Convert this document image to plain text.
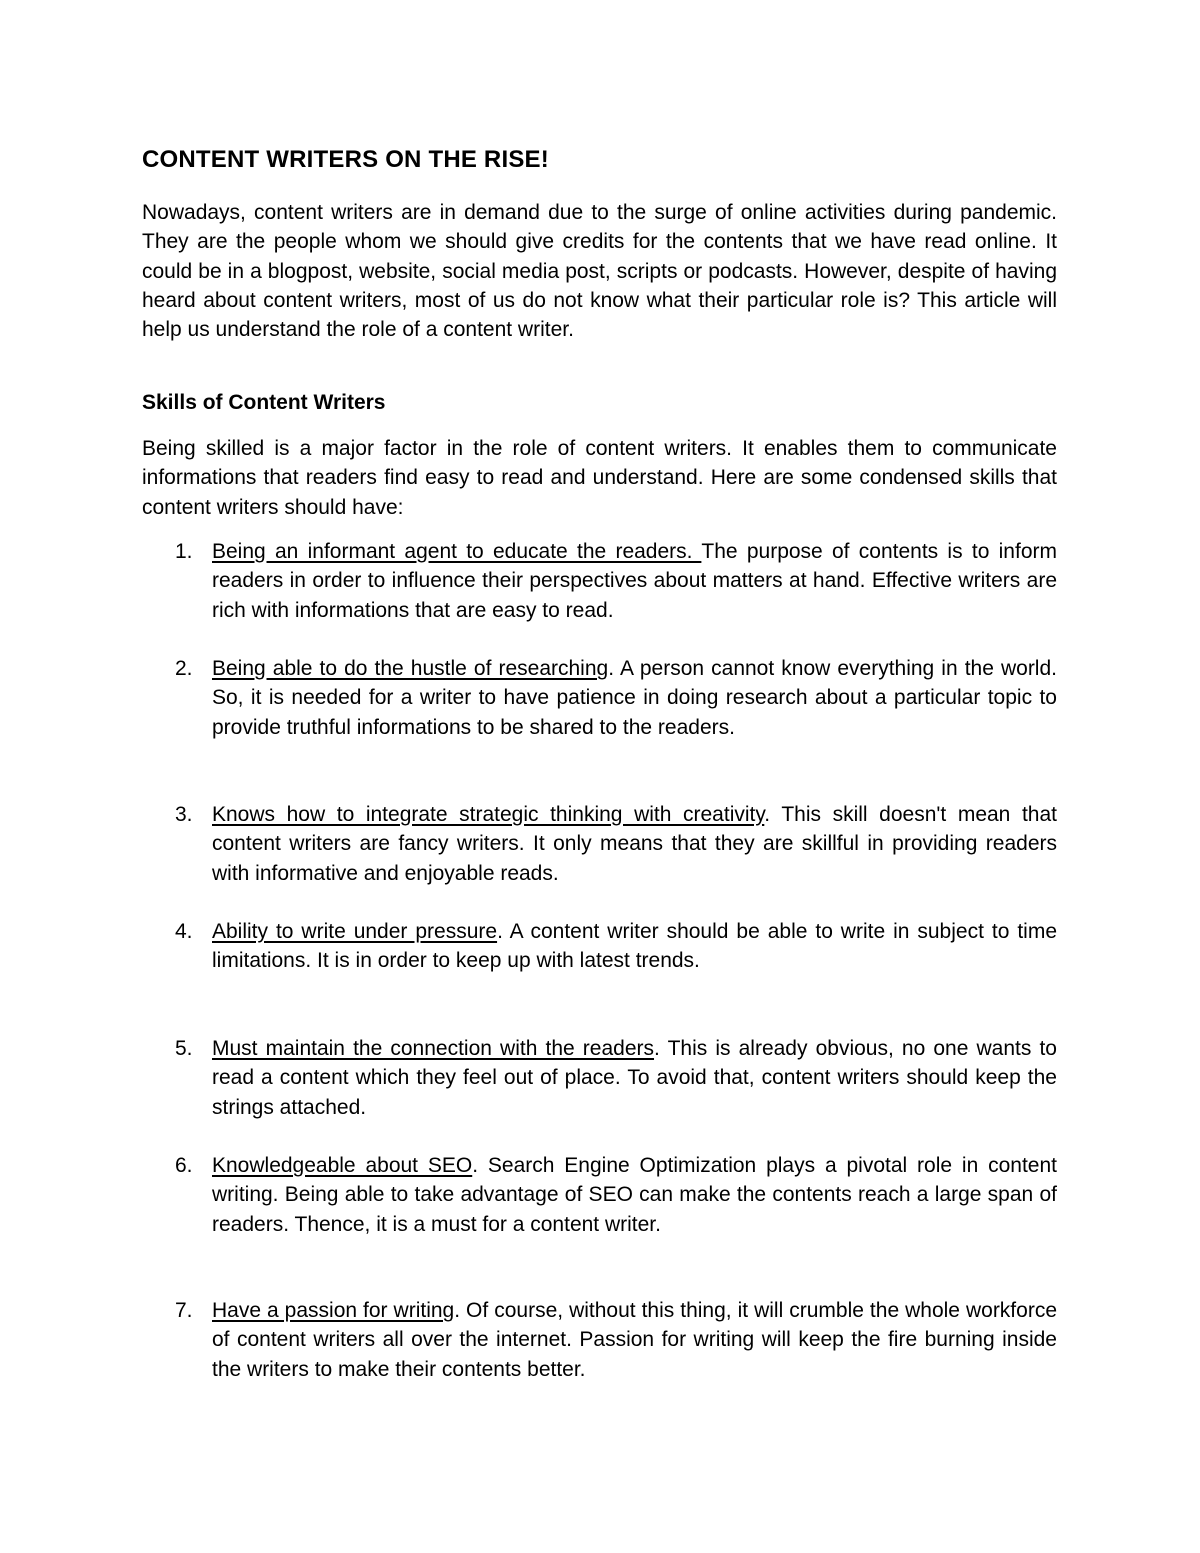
CONTENT WRITERS ON THE RISE!

Nowadays, content writers are in demand due to the surge of online activities during pandemic. They are the people whom we should give credits for the contents that we have read online. It could be in a blogpost, website, social media post, scripts or podcasts. However, despite of having heard about content writers, most of us do not know what their particular role is? This article will help us understand the role of a content writer.

Skills of Content Writers

Being skilled is a major factor in the role of content writers. It enables them to communicate informations that readers find easy to read and understand. Here are some condensed skills that content writers should have:

1. Being an informant agent to educate the readers. The purpose of contents is to inform readers in order to influence their perspectives about matters at hand. Effective writers are rich with informations that are easy to read.
2. Being able to do the hustle of researching. A person cannot know everything in the world. So, it is needed for a writer to have patience in doing research about a particular topic to provide truthful informations to be shared to the readers.
3. Knows how to integrate strategic thinking with creativity. This skill doesn't mean that content writers are fancy writers. It only means that they are skillful in providing readers with informative and enjoyable reads.
4. Ability to write under pressure. A content writer should be able to write in subject to time limitations. It is in order to keep up with latest trends.
5. Must maintain the connection with the readers. This is already obvious, no one wants to read a content which they feel out of place. To avoid that, content writers should keep the strings attached.
6. Knowledgeable about SEO. Search Engine Optimization plays a pivotal role in content writing. Being able to take advantage of SEO can make the contents reach a large span of readers. Thence, it is a must for a content writer.
7. Have a passion for writing. Of course, without this thing, it will crumble the whole workforce of content writers all over the internet. Passion for writing will keep the fire burning inside the writers to make their contents better.
